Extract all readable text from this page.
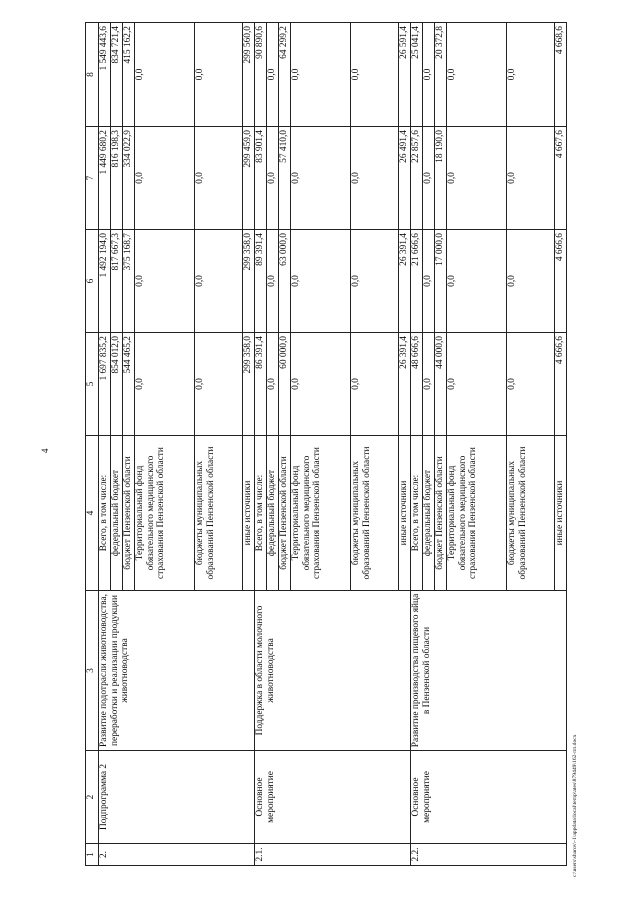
4
c:\users\sharov\-1\appdata\local\temp\ates\879449\162-пп.docx
1	2	3	4	5	6	7	8
2.	Подпрограмма 2	Развитие подотрасли животноводства, переработки и реализации продукции животноводства	Всего, в том числе:	1 697 835,2	1 492 194,0	1 449 680,2	1 549 443,6
			федеральный бюджет	854 012,0	817 667,3	816 198,3	834 721,4
			бюджет Пензенской области	544 465,2	375 168,7	334 022,9	415 162,2
			Территориальный фонд обязательного медицинского страхования Пензенской области	0,0	0,0	0,0	0,0
			бюджеты муниципальных образований Пензенской области	0,0	0,0	0,0	0,0
			иные источники	299 358,0	299 358,0	299 459,0	299 560,0
2.1.	Основное мероприятие	Поддержка в области молочного животноводства	Всего, в том числе:	86 391,4	89 391,4	83 901,4	90 890,6
			федеральный бюджет	0,0	0,0	0,0	0,0
			бюджет Пензенской области	60 000,0	63 000,0	57 410,0	64 299,2
			Территориальный фонд обязательного медицинского страхования Пензенской области	0,0	0,0	0,0	0,0
			бюджеты муниципальных образований Пензенской области	0,0	0,0	0,0	0,0
			иные источники	26 391,4	26 391,4	26 491,4	26 591,4
2.2.	Основное мероприятие	Развитие производства пищевого яйца в Пензенской области	Всего, в том числе:	48 666,6	21 666,6	22 857,6	25 041,4
			федеральный бюджет	0,0	0,0	0,0	0,0
			бюджет Пензенской области	44 000,0	17 000,0	18 190,0	20 372,8
			Территориальный фонд обязательного медицинского страхования Пензенской области	0,0	0,0	0,0	0,0
			бюджеты муниципальных образований Пензенской области	0,0	0,0	0,0	0,0
			иные источники	4 666,6	4 666,6	4 667,6	4 668,6
